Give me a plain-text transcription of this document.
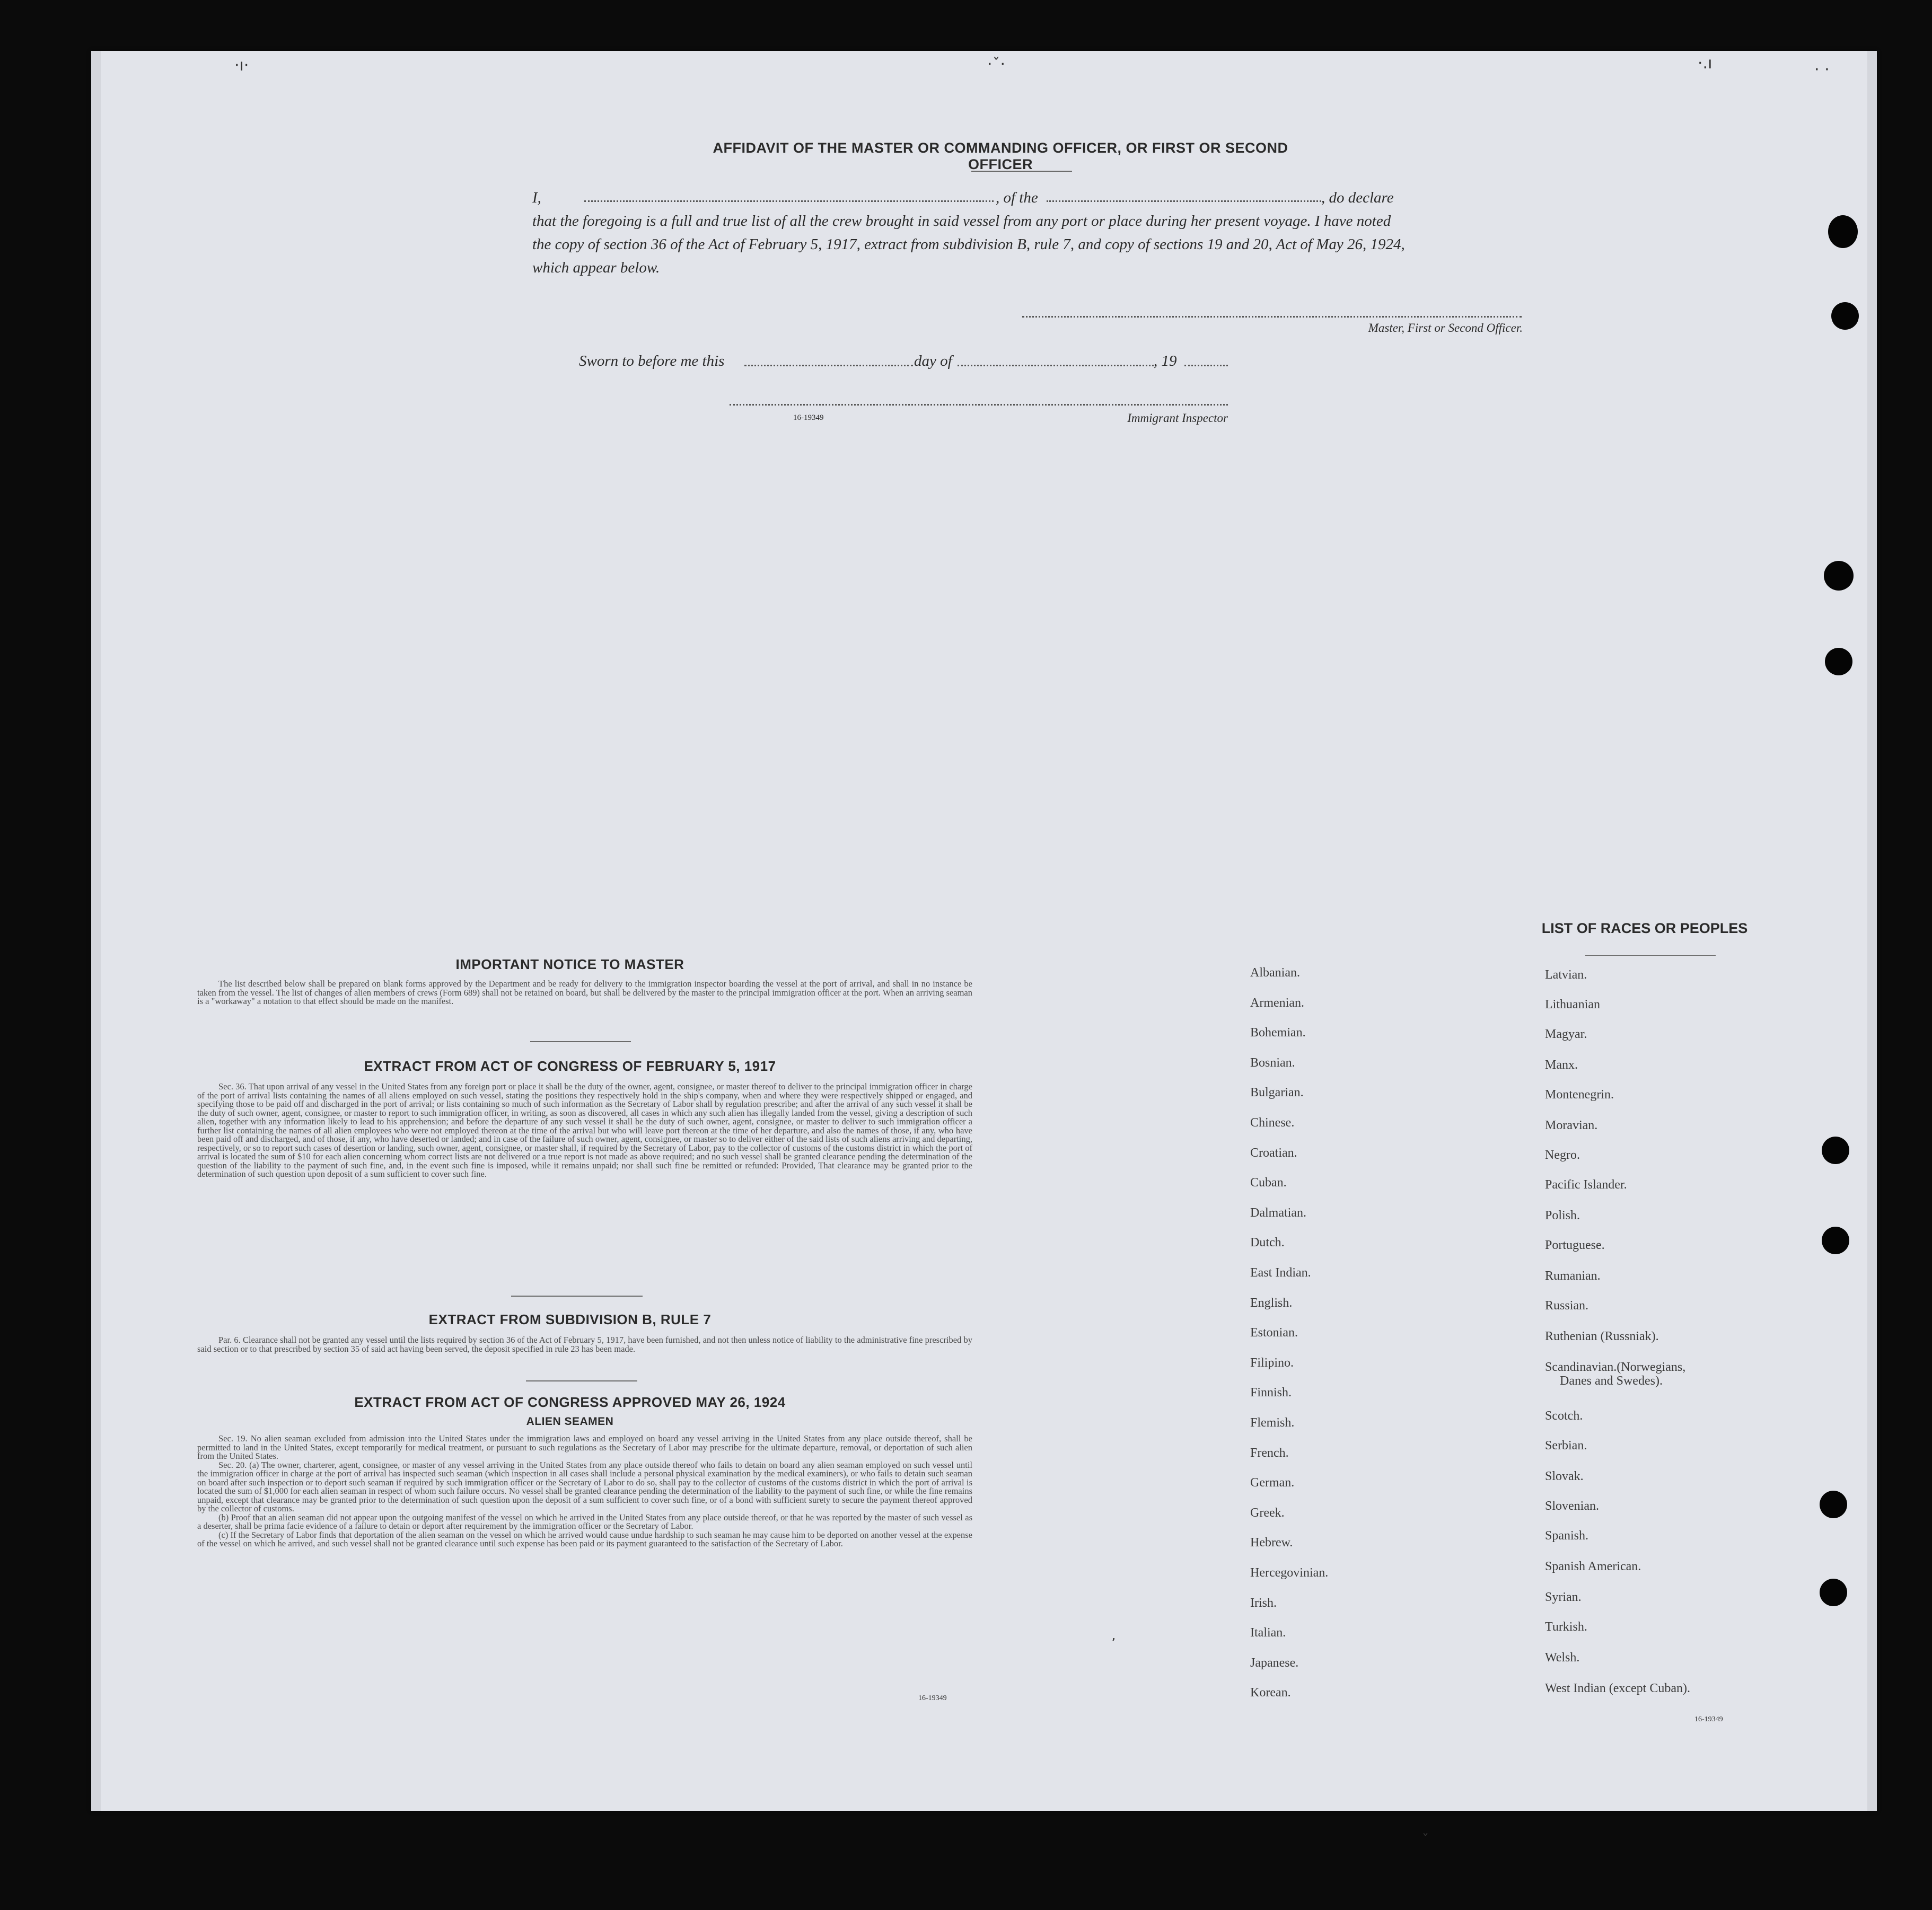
·ı·	·ˇ·	·.ı	· ·
AFFIDAVIT OF THE MASTER OR COMMANDING OFFICER, OR FIRST OR SECOND OFFICER
I,	, of the	, do declare
that the foregoing is a full and true list of all the crew brought in said vessel from any port or place during her present voyage. I have noted
the copy of section 36 of the Act of February 5, 1917, extract from subdivision B, rule 7, and copy of sections 19 and 20, Act of May 26, 1924,
which appear below.
Master, First or Second Officer.
Sworn to before me this	day of	, 19
16-19349	Immigrant Inspector
IMPORTANT NOTICE TO MASTER

The list described below shall be prepared on blank forms approved by the Department and be ready for delivery to the immigration inspector boarding the vessel at the port of arrival, and shall in no instance be taken from the vessel. The list of changes of alien members of crews (Form 689) shall not be retained on board, but shall be delivered by the master to the principal immigration officer at the port. When an arriving seaman is a "workaway" a notation to that effect should be made on the manifest.

EXTRACT FROM ACT OF CONGRESS OF FEBRUARY 5, 1917

Sec. 36. That upon arrival of any vessel in the United States from any foreign port or place it shall be the duty of the owner, agent, consignee, or master thereof to deliver to the principal immigration officer in charge of the port of arrival lists containing the names of all aliens employed on such vessel, stating the positions they respectively hold in the ship's company, when and where they were respectively shipped or engaged, and specifying those to be paid off and discharged in the port of arrival; or lists containing so much of such information as the Secretary of Labor shall by regulation prescribe; and after the arrival of any such vessel it shall be the duty of such owner, agent, consignee, or master to report to such immigration officer, in writing, as soon as discovered, all cases in which any such alien has illegally landed from the vessel, giving a description of such alien, together with any information likely to lead to his apprehension; and before the departure of any such vessel it shall be the duty of such owner, agent, consignee, or master to deliver to such immigration officer a further list containing the names of all alien employees who were not employed thereon at the time of the arrival but who will leave port thereon at the time of her departure, and also the names of those, if any, who have been paid off and discharged, and of those, if any, who have deserted or landed; and in case of the failure of such owner, agent, consignee, or master so to deliver either of the said lists of such aliens arriving and departing, respectively, or so to report such cases of desertion or landing, such owner, agent, consignee, or master shall, if required by the Secretary of Labor, pay to the collector of customs of the customs district in which the port of arrival is located the sum of $10 for each alien concerning whom correct lists are not delivered or a true report is not made as above required; and no such vessel shall be granted clearance pending the determination of the question of the liability to the payment of such fine, and, in the event such fine is imposed, while it remains unpaid; nor shall such fine be remitted or refunded: Provided, That clearance may be granted prior to the determination of such question upon deposit of a sum sufficient to cover such fine.

EXTRACT FROM SUBDIVISION B, RULE 7

Par. 6. Clearance shall not be granted any vessel until the lists required by section 36 of the Act of February 5, 1917, have been furnished, and not then unless notice of liability to the administrative fine prescribed by said section or to that prescribed by section 35 of said act having been served, the deposit specified in rule 23 has been made.

EXTRACT FROM ACT OF CONGRESS APPROVED MAY 26, 1924
ALIEN SEAMEN

Sec. 19. No alien seaman excluded from admission into the United States under the immigration laws and employed on board any vessel arriving in the United States from any place outside thereof, shall be permitted to land in the United States, except temporarily for medical treatment, or pursuant to such regulations as the Secretary of Labor may prescribe for the ultimate departure, removal, or deportation of such alien from the United States.

Sec. 20. (a) The owner, charterer, agent, consignee, or master of any vessel arriving in the United States from any place outside thereof who fails to detain on board any alien seaman employed on such vessel until the immigration officer in charge at the port of arrival has inspected such seaman (which inspection in all cases shall include a personal physical examination by the medical examiners), or who fails to detain such seaman on board after such inspection or to deport such seaman if required by such immigration officer or the Secretary of Labor to do so, shall pay to the collector of customs of the customs district in which the port of arrival is located the sum of $1,000 for each alien seaman in respect of whom such failure occurs. No vessel shall be granted clearance pending the determination of the liability to the payment of such fine, or while the fine remains unpaid, except that clearance may be granted prior to the determination of such question upon the deposit of a sum sufficient to cover such fine, or of a bond with sufficient surety to secure the payment thereof approved by the collector of customs.

(b) Proof that an alien seaman did not appear upon the outgoing manifest of the vessel on which he arrived in the United States from any place outside thereof, or that he was reported by the master of such vessel as a deserter, shall be prima facie evidence of a failure to detain or deport after requirement by the immigration officer or the Secretary of Labor.

(c) If the Secretary of Labor finds that deportation of the alien seaman on the vessel on which he arrived would cause undue hardship to such seaman he may cause him to be deported on another vessel at the expense of the vessel on which he arrived, and such vessel shall not be granted clearance until such expense has been paid or its payment guaranteed to the satisfaction of the Secretary of Labor.

16-19349
LIST OF RACES OR PEOPLES
Albanian.
Armenian.
Bohemian.
Bosnian.
Bulgarian.
Chinese.
Croatian.
Cuban.
Dalmatian.
Dutch.
East Indian.
English.
Estonian.
Filipino.
Finnish.
Flemish.
French.
German.
Greek.
Hebrew.
Hercegovinian.
Irish.
Italian.
Japanese.
Korean.
Latvian.
Lithuanian
Magyar.
Manx.
Montenegrin.
Moravian.
Negro.
Pacific Islander.
Polish.
Portuguese.
Rumanian.
Russian.
Ruthenian (Russniak).
Scandinavian.(Norwegians,
Danes and Swedes).
Scotch.
Serbian.
Slovak.
Slovenian.
Spanish.
Spanish American.
Syrian.
Turkish.
Welsh.
West Indian (except Cuban).
16-19349
ʼ
ˇ
